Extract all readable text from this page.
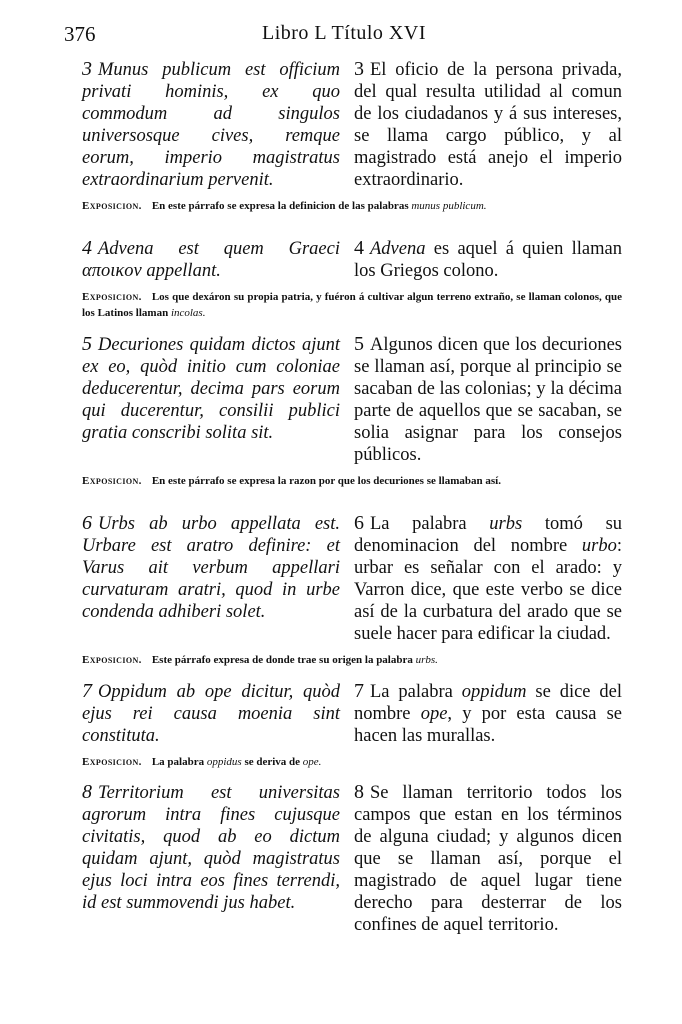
376	Libro L Título XVI
3 Munus publicum est officium privati hominis, ex quo commodum ad singulos universosque cives, remque eorum, imperio magistratus extraordinarium pervenit.
3 El oficio de la persona privada, del qual resulta utilidad al comun de los ciudadanos y á sus intereses, se llama cargo público, y al magistrado está anejo el imperio extraordinario.
Exposicion. En este párrafo se expresa la definicion de las palabras munus publicum.
4 Advena est quem Graeci αποικον appellant.
4 Advena es aquel á quien llaman los Griegos colono.
Exposicion. Los que dexáron su propia patria, y fuéron á cultivar algun terreno extraño, se llaman colonos, que los Latinos llaman incolas.
5 Decuriones quidam dictos ajunt ex eo, quòd initio cum coloniae deducerentur, decima pars eorum qui ducerentur, consilii publici gratia conscribi solita sit.
5 Algunos dicen que los decuriones se llaman así, porque al principio se sacaban de las colonias; y la décima parte de aquellos que se sacaban, se solia asignar para los consejos públicos.
Exposicion. En este párrafo se expresa la razon por que los decuriones se llamaban así.
6 Urbs ab urbo appellata est. Urbare est aratro definire: et Varus ait verbum appellari curvaturam aratri, quod in urbe condenda adhiberi solet.
6 La palabra urbs tomó su denominacion del nombre urbo: urbar es señalar con el arado: y Varron dice, que este verbo se dice así de la curbatura del arado que se suele hacer para edificar la ciudad.
Exposicion. Este párrafo expresa de donde trae su origen la palabra urbs.
7 Oppidum ab ope dicitur, quòd ejus rei causa moenia sint constituta.
7 La palabra oppidum se dice del nombre ope, y por esta causa se hacen las murallas.
Exposicion. La palabra oppidus se deriva de ope.
8 Territorium est universitas agrorum intra fines cujusque civitatis, quod ab eo dictum quidam ajunt, quòd magistratus ejus loci intra eos fines terrendi, id est summovendi jus habet.
8 Se llaman territorio todos los campos que estan en los términos de alguna ciudad; y algunos dicen que se llaman así, porque el magistrado de aquel lugar tiene derecho para desterrar de los confines de aquel territorio.
